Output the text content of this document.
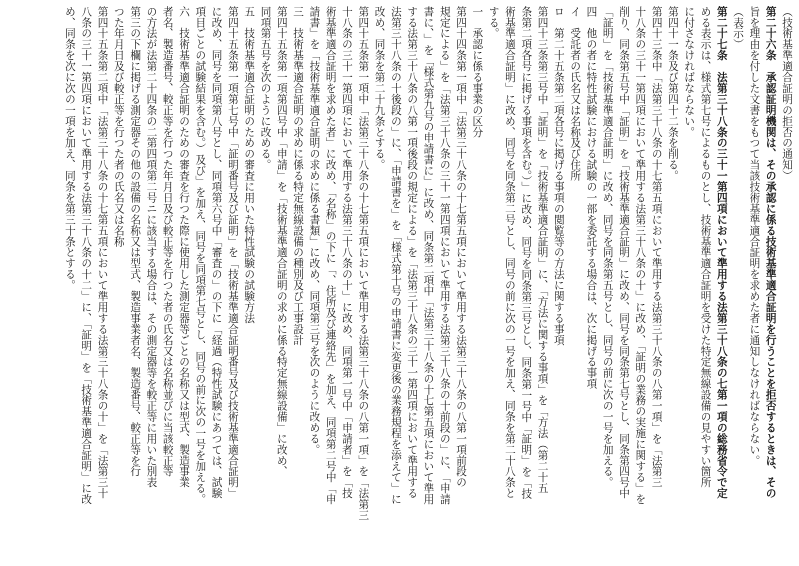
（技術基準適合証明の拒否の通知）
第二十六条　承認証明機関は、その承認に係る技術基準適合証明を行うことを拒否するときは、その
旨を理由を付した文書をもつて当該技術基準適合証明を求めた者に通知しなければならない。
（表示）
第二十七条　法第三十八条の三十一第四項において準用する法第三十八条の七第一項の総務省令で定
める表示は、様式第七号によるものとし、技術基準適合証明を受けた特定無線設備の見やすい箇所
に付さなければならない。
第四十一条及び第四十二条を削る。
第四十三条中「法第三十八条の十七第五項において準用する法第三十八条の八第一項」を「法第三
十八条の三十一第四項において準用する法第三十八条の十」に改め、「証明の業務の実施に関する」を
削り、同条第五号中「証明」を「技術基準適合証明」に改め、同号を同条第七号とし、同条第四号中
「証明」を「技術基準適合証明」に改め、同号を同条第五号とし、同号の前に次の一号を加える。
四　他の者に特性試験における試験の一部を委託する場合は、次に掲げる事項
イ　受託者の氏名又は名称及び住所
ロ　第二十五条第二項各号に掲げる事項の閲覧等の方法に関する事項
第四十三条第三号中「証明」を「技術基準適合証明」に、「方法に関する事項」を「方法（第二十五
条第二項各号に掲げる事項を含む。）」に改め、同号を同条第三号とし、同条第一号中「証明」を「技
術基準適合証明」に改め、同号を同条第二号とし、同号の前に次の一号を加え、同条を第二十八条と
する。
一　承認に係る事業の区分
第四十四条第一項中「法第三十八条の十七第五項において準用する法第三十八条の八第一項前段の
規定による」を「法第三十八条の三十一第四項において準用する法第三十八条の十前段の」に、「申請
書に、」を「様式第九号の申請書に」に改め、同条第二項中「法第三十八条の十七第五項において準用
する法第三十八条の八第一項後段の規定による」を「法第三十八条の三十一第四項において準用する
法第三十八条の十後段の」に、「申請書を」を「様式第十号の申請書に変更後の業務規程を添えて」に
改め、同条を第二十九条とする。
第四十五条第一項中「法第三十八条の十七第五項において準用する法第三十八条の八第一項」を「法第三
十八条の三十一第四項において準用する法第三十八条の十」に改め、同項第一号中「申請者」を「技
術基準適合証明を求めた者」に改め、「名称」の下に「、住所及び連絡先」を加え、同項第二号中「申
請書」を「技術基準適合証明の求めに係る書類」に改め、同項第三号を次のように改める。
三　技術基準適合証明の求めに係る特定無線設備の種別及び工事設計
第四十五条第一項第四号中「申請」を「技術基準適合証明の求めに係る特定無線設備」に改め、
同項第五号を次のように改める。
五　技術基準適合証明のための審査に用いた特性試験の試験方法
第四十五条第一項第七号中「証明番号及び証明」を「技術基準適合証明番号及び技術基準適合証明」
に改め、同号を同項第八号とし、同項第六号中「審査の」の下に「経過（特性試験にあつては、試験
項目ごとの試験結果を含む。）及び」を加え、同号を同項第七号とし、同号の前に次の一号を加える。
六　技術基準適合証明のための審査を行つた際に使用した測定器等ごとの名称又は型式、製造事業
者名、製造番号、較正等を行つた年月日及び較正等を行つた者の氏名又は名称並びに当該較正等
の方法が法第二十四条の二第四項第二号ニに該当する場合は、その測定器等を較正等に用いた別表
第三の下欄に掲げる測定器その他の設備の名称又は型式、製造事業者名、製造番号、較正等を行
つた年月日及び較正等を行つた者の氏名又は名称
第四十五条第二項中「法第三十八条の十七第五項において準用する法第三十八条の十」を「法第三十
八条の三十一第四項において準用する法第三十八条の十二」に、「証明」を「技術基準適合証明」に改
め、同条を次に次の一項を加え、同条を第三十条とする。
